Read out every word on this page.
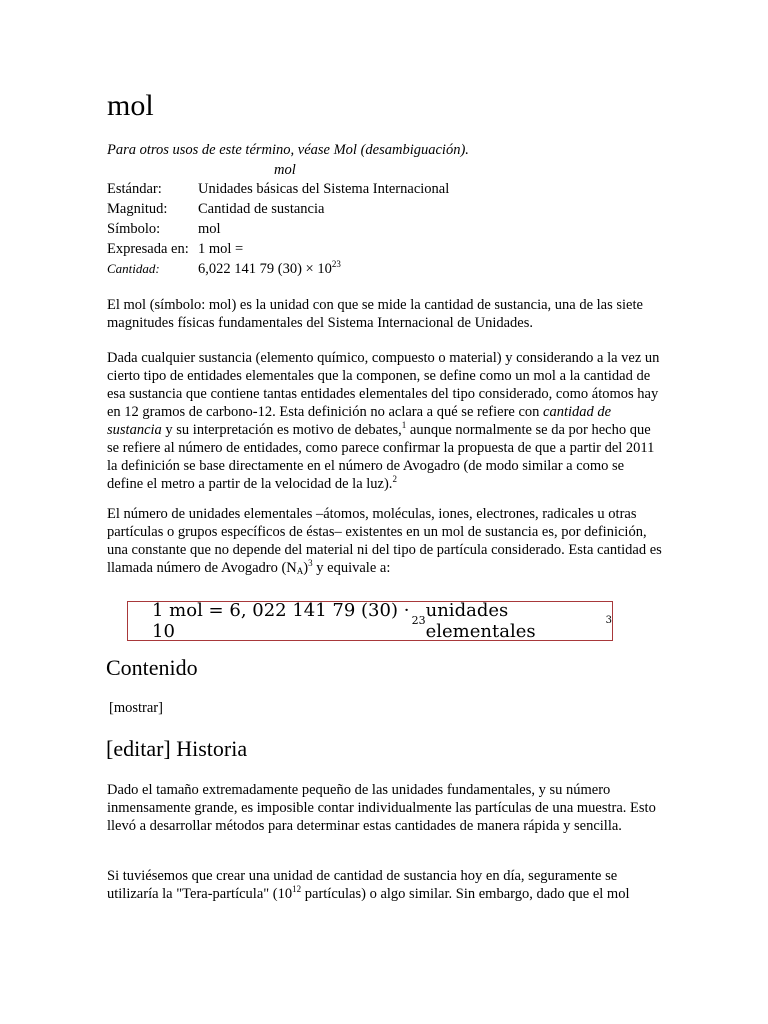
mol

Para otros usos de este término, véase Mol (desambiguación).

mol
Estándar:	Unidades básicas del Sistema Internacional
Magnitud:	Cantidad de sustancia
Símbolo:	mol
Expresada en:	1 mol =
Cantidad:	6,022 141 79 $(30) \times 10^{23}$

El mol (símbolo: mol) es la unidad con que se mide la cantidad de sustancia, una de las siete magnitudes físicas fundamentales del Sistema Internacional de Unidades.

Dada cualquier sustancia (elemento químico, compuesto o material) y considerando a la vez un cierto tipo de entidades elementales que la componen, se define como un mol a la cantidad de esa sustancia que contiene tantas entidades elementales del tipo considerado, como átomos hay en 12 gramos de carbono-12. Esta definición no aclara a qué se refiere con cantidad de sustancia y su interpretación es motivo de debates,$^1$ aunque normalmente se da por hecho que se refiere al número de entidades, como parece confirmar la propuesta de que a partir del 2011 la definición se base directamente en el número de Avogadro (de modo similar a como se define el metro a partir de la velocidad de la luz).$^2$

El número de unidades elementales –átomos, moléculas, iones, electrones, radicales u otras partículas o grupos específicos de éstas– existentes en un mol de sustancia es, por definición, una constante que no depende del material ni del tipo de partícula considerado. Esta cantidad es llamada número de Avogadro $(N_A)^3$ y equivale a:

1 mol = 6, 022 141 79 (30) · 10
23 unidades elementales
3
Contenido
[mostrar]
[editar] Historia

Dado el tamaño extremadamente pequeño de las unidades fundamentales, y su número inmensamente grande, es imposible contar individualmente las partículas de una muestra. Esto llevó a desarrollar métodos para determinar estas cantidades de manera rápida y sencilla.

Si tuviésemos que crear una unidad de cantidad de sustancia hoy en día, seguramente se utilizaría la "Tera-partícula" ($10^{12}$ partículas) o algo similar. Sin embargo, dado que el mol
